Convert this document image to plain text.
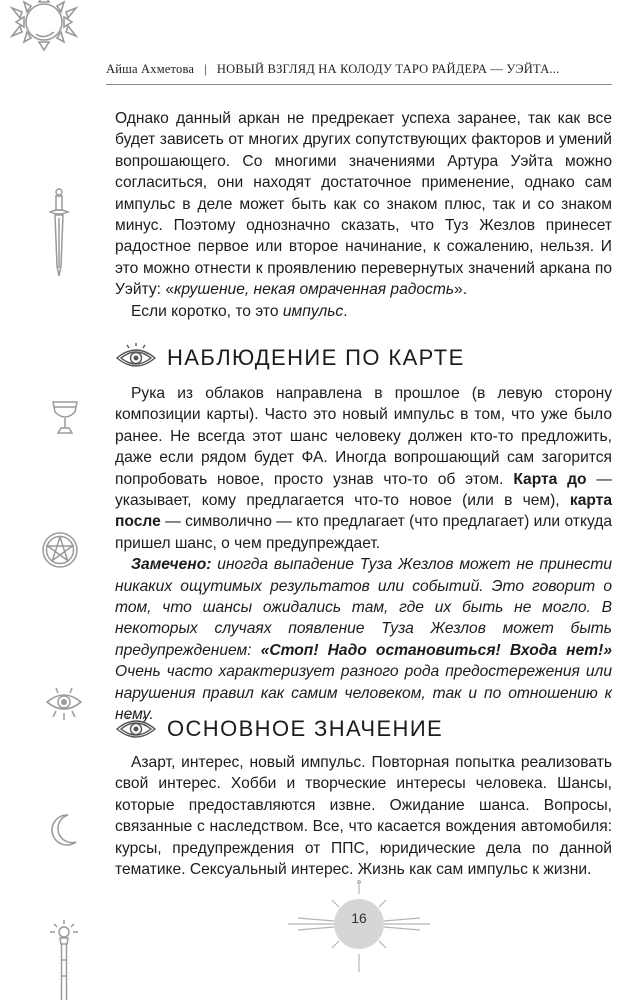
Айша Ахметова | НОВЫЙ ВЗГЛЯД НА КОЛОДУ ТАРО РАЙДЕРА — УЭЙТА...

Однако данный аркан не предрекает успеха заранее, так как все будет зависеть от многих других сопутствующих факторов и умений вопрошающего. Со многими значениями Артура Уэйта можно согласиться, они находят достаточное применение, однако сам импульс в деле может быть как со знаком плюс, так и со знаком минус. Поэтому однозначно сказать, что Туз Жезлов принесет радостное первое или второе начинание, к сожалению, нельзя. И это можно отнести к проявлению перевернутых значений аркана по Уэйту: «крушение, некая омраченная радость».

Если коротко, то это импульс.

НАБЛЮДЕНИЕ ПО КАРТЕ

Рука из облаков направлена в прошлое (в левую сторону композиции карты). Часто это новый импульс в том, что уже было ранее. Не всегда этот шанс человеку должен кто-то предложить, даже если рядом будет ФА. Иногда вопрошающий сам загорится попробовать новое, просто узнав что-то об этом. Карта до — указывает, кому предлагается что-то новое (или в чем), карта после — символично — кто предлагает (что предлагает) или откуда пришел шанс, о чем предупреждает.

Замечено: иногда выпадение Туза Жезлов может не принести никаких ощутимых результатов или событий. Это говорит о том, что шансы ожидались там, где их быть не могло. В некоторых случаях появление Туза Жезлов может быть предупреждением: «Стоп! Надо остановиться! Входа нет!» Очень часто характеризует разного рода предостережения или нарушения правил как самим человеком, так и по отношению к нему.

ОСНОВНОЕ ЗНАЧЕНИЕ

Азарт, интерес, новый импульс. Повторная попытка реализовать свой интерес. Хобби и творческие интересы человека. Шансы, которые предоставляются извне. Ожидание шанса. Вопросы, связанные с наследством. Все, что касается вождения автомобиля: курсы, предупреждения от ППС, юридические дела по данной тематике. Сексуальный интерес. Жизнь как сам импульс к жизни.

16
